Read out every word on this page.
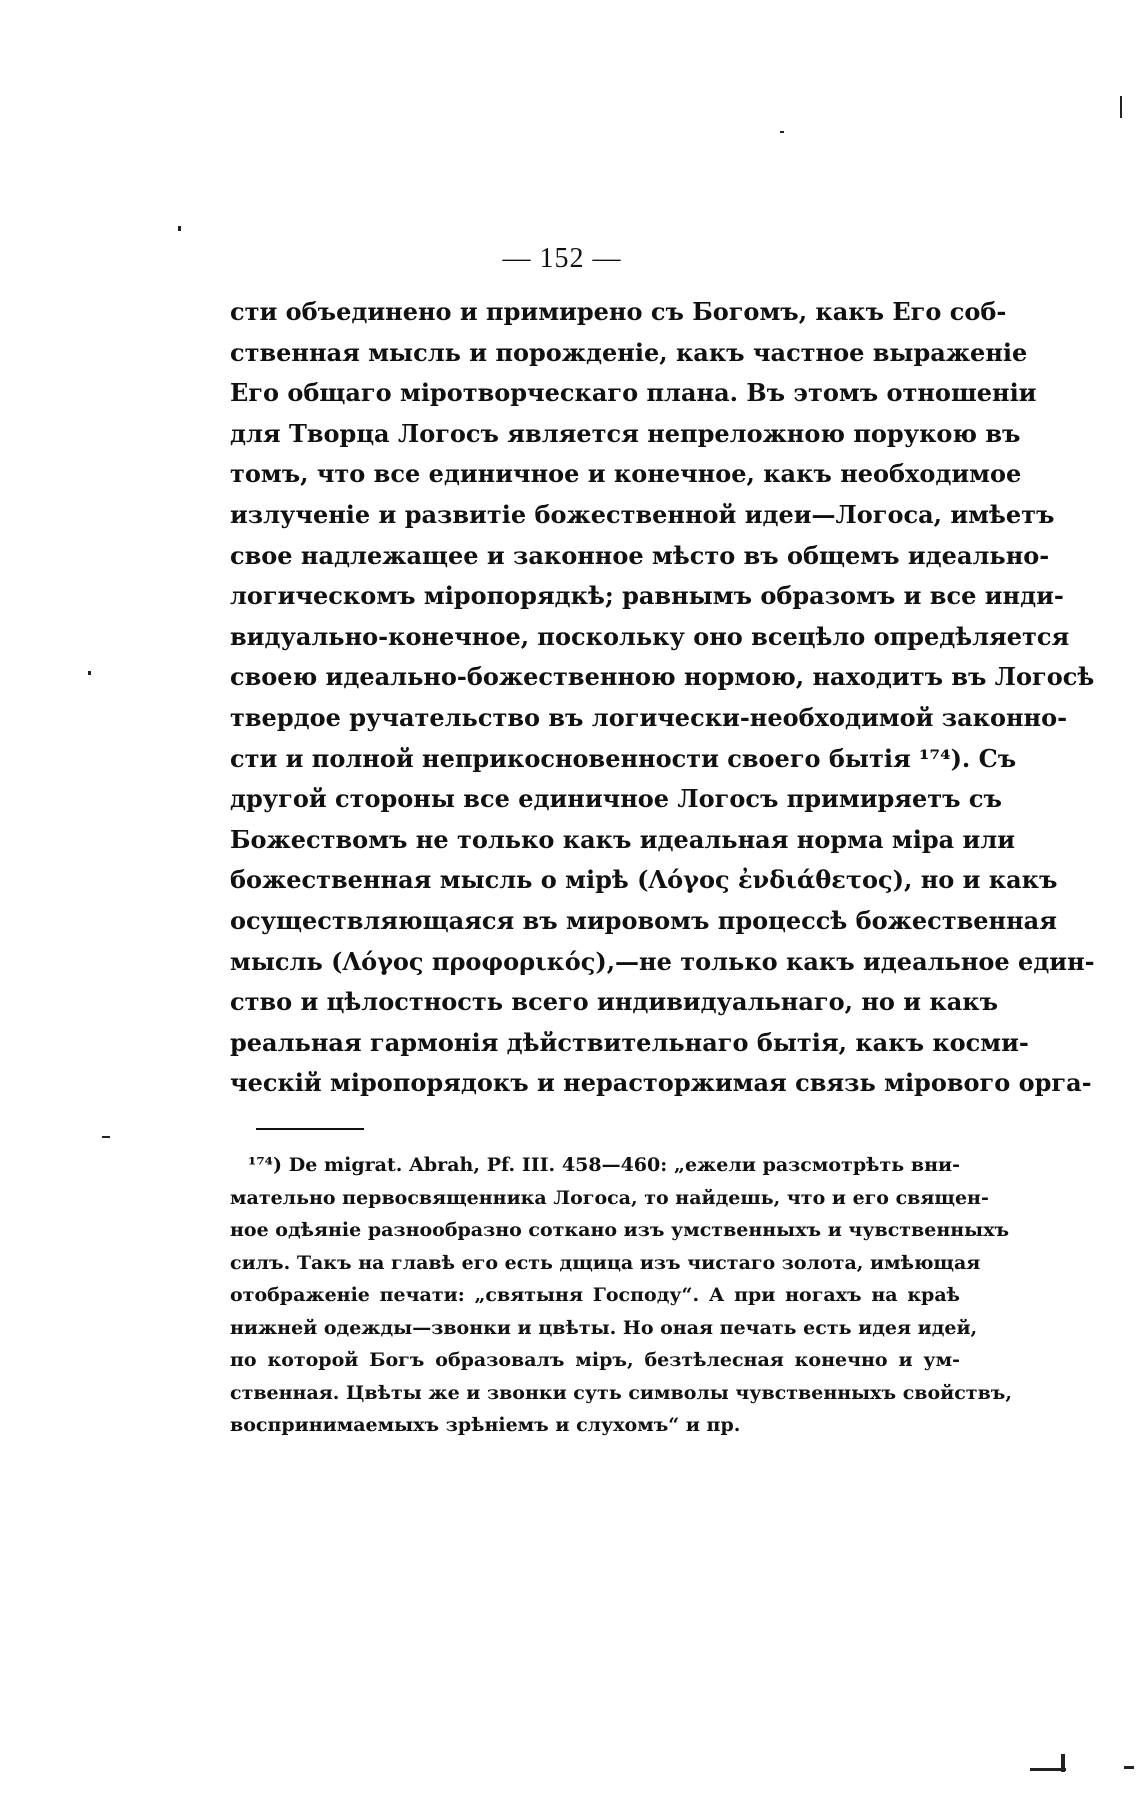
— 152 —
сти объединено и примирено съ Богомъ, какъ Его соб-
ственная мысль и порожденіе, какъ частное выраженіе
Его общаго міротворческаго плана. Въ этомъ отношеніи
для Творца Логосъ является непреложною порукою въ
томъ, что все единичное и конечное, какъ необходимое
излученіе и развитіе божественной идеи—Логоса, имѣетъ
свое надлежащее и законное мѣсто въ общемъ идеально-
логическомъ міропорядкѣ; равнымъ образомъ и все инди-
видуально-конечное, поскольку оно всецѣло опредѣляется
своею идеально-божественною нормою, находитъ въ Логосѣ
твердое ручательство въ логически-необходимой законно-
сти и полной неприкосновенности своего бытія ¹⁷⁴). Съ
другой стороны все единичное Логосъ примиряетъ съ
Божествомъ не только какъ идеальная норма міра или
божественная мысль о мірѣ (Λόγος ἐνδιάθετος), но и какъ
осуществляющаяся въ мировомъ процессѣ божественная
мысль (Λόγος προφορικός),—не только какъ идеальное един-
ство и цѣлостность всего индивидуальнаго, но и какъ
реальная гармонія дѣйствительнаго бытія, какъ косми-
ческій міропорядокъ и нерасторжимая связь мірового орга-
¹⁷⁴) De migrat. Abrah, Pf. III. 458—460: „ежели разсмотрѣть вни-
мательно первосвященника Логоса, то найдешь, что и его священ-
ное одѣяніе разнообразно соткано изъ умственныхъ и чувственныхъ
силъ. Такъ на главѣ его есть дщица изъ чистаго золота, имѣющая
отображеніе печати: „святыня Господу“. А при ногахъ на краѣ
нижней одежды—звонки и цвѣты. Но оная печать есть идея идей,
по которой Богъ образовалъ міръ, безтѣлесная конечно и ум-
ственная. Цвѣты же и звонки суть символы чувственныхъ свойствъ,
воспринимаемыхъ зрѣніемъ и слухомъ“ и пр.
